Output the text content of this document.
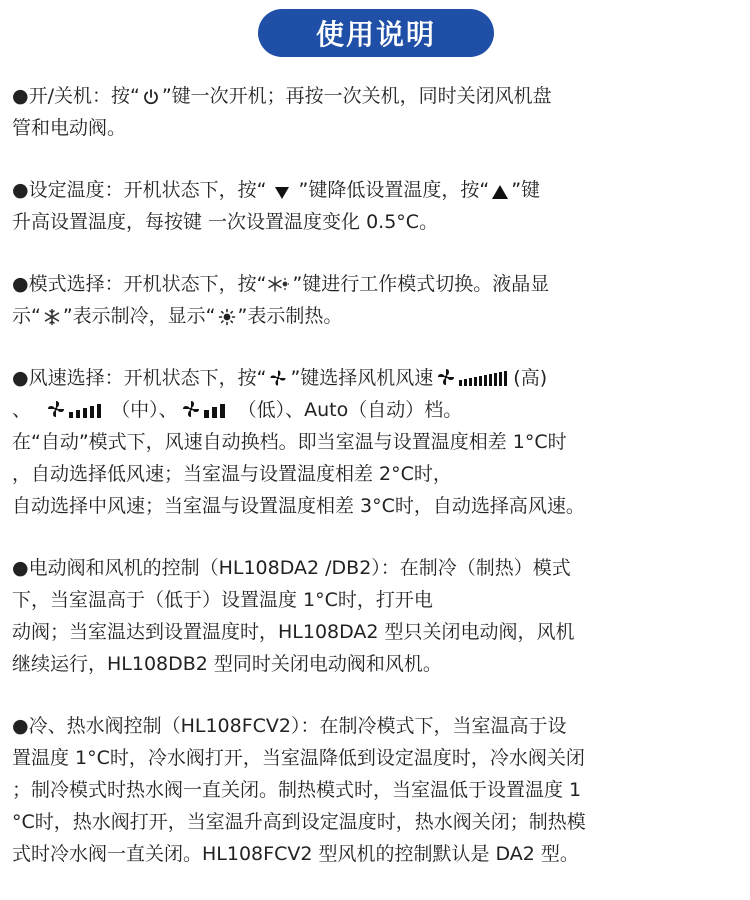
使用说明
●开/关机：按“ ”键一次开机；再按一次关机，同时关闭风机盘
管和电动阀。
●设定温度：开机状态下，按“
”键降低设置温度，按“ ”键
升高设置温度，每按键 一次设置温度变化 0.5°C。
●模式选择：开机状态下，按“ ”键进行工作模式切换。液晶显
示“ ”表示制冷，显示“ ”表示制热。
●风速选择：开机状态下，按“ ”键选择风机风速	(高)
、	（中）、	（低）、Auto（自动）档。
在“自动”模式下，风速自动换档。即当室温与设置温度相差 1°C时
，自动选择低风速；当室温与设置温度相差 2°C时，
自动选择中风速；当室温与设置温度相差 3°C时，自动选择高风速。
●电动阀和风机的控制（HL108DA2 /DB2）：在制冷（制热）模式
下，当室温高于（低于）设置温度 1°C时，打开电
动阀；当室温达到设置温度时，HL108DA2 型只关闭电动阀，风机
继续运行，HL108DB2 型同时关闭电动阀和风机。
●冷、热水阀控制（HL108FCV2）：在制冷模式下，当室温高于设
置温度 1°C时，冷水阀打开，当室温降低到设定温度时，冷水阀关闭
；制冷模式时热水阀一直关闭。制热模式时，当室温低于设置温度 1
°C时，热水阀打开，当室温升高到设定温度时，热水阀关闭；制热模
式时冷水阀一直关闭。HL108FCV2 型风机的控制默认是 DA2 型。
